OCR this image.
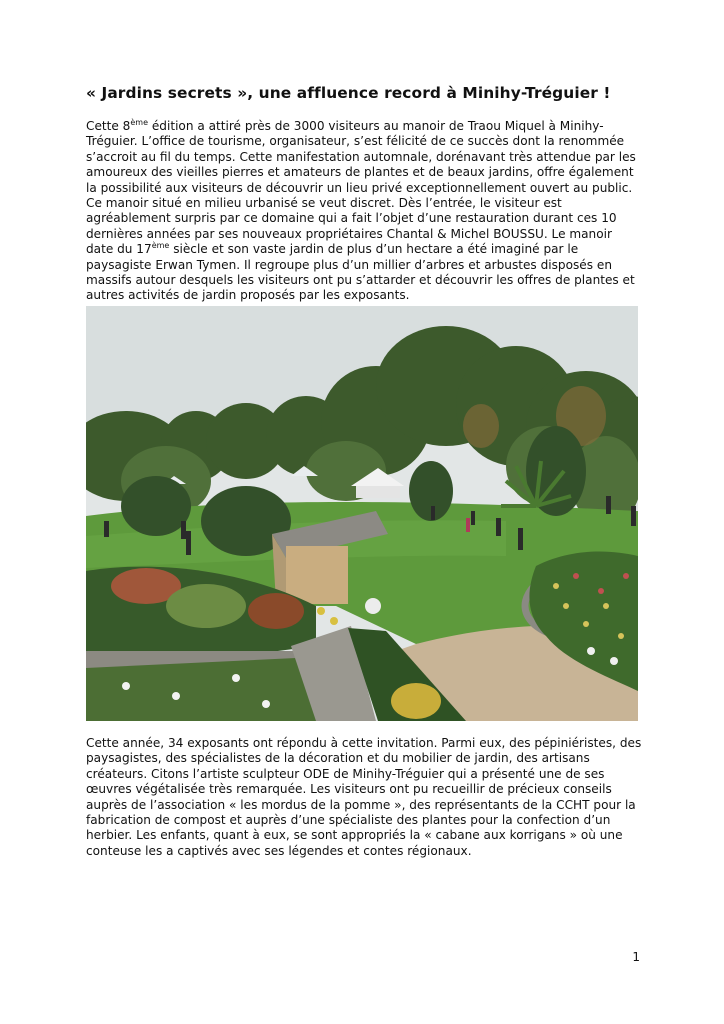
« Jardins secrets », une affluence record à Minihy-Tréguier !

Cette 8ème édition a attiré près de 3000 visiteurs au manoir de Traou Miquel à Minihy-Tréguier. L’office de tourisme, organisateur, s’est félicité de ce succès dont la renommée s’accroit au fil du temps. Cette manifestation automnale, dorénavant très attendue par les amoureux des vieilles pierres et amateurs de plantes et de beaux jardins, offre également la possibilité aux visiteurs de découvrir un lieu privé exceptionnellement ouvert au public. Ce manoir situé en milieu urbanisé se veut discret. Dès l’entrée, le visiteur est agréablement surpris par ce domaine qui a fait l’objet d’une restauration durant ces 10 dernières années par ses nouveaux propriétaires Chantal & Michel BOUSSU. Le manoir date du 17ème siècle et son vaste jardin de plus d’un hectare a été imaginé par le paysagiste Erwan Tymen. Il regroupe plus d’un millier d’arbres et arbustes disposés en massifs autour desquels les visiteurs ont pu s’attarder et découvrir les offres de plantes et autres activités de jardin proposés par les exposants.

Cette année, 34 exposants ont répondu à cette invitation. Parmi eux, des pépiniéristes, des paysagistes, des spécialistes de la décoration et du mobilier de jardin, des artisans créateurs. Citons l’artiste sculpteur ODE de Minihy-Tréguier qui a présenté une de ses œuvres végétalisée très remarquée. Les visiteurs ont pu recueillir de précieux conseils auprès de l’association « les mordus de la pomme », des représentants de la CCHT pour la fabrication de compost et auprès d’une spécialiste des plantes pour la confection d’un herbier. Les enfants, quant à eux, se sont appropriés la « cabane aux korrigans » où une conteuse les a captivés avec ses légendes et contes régionaux.

1
